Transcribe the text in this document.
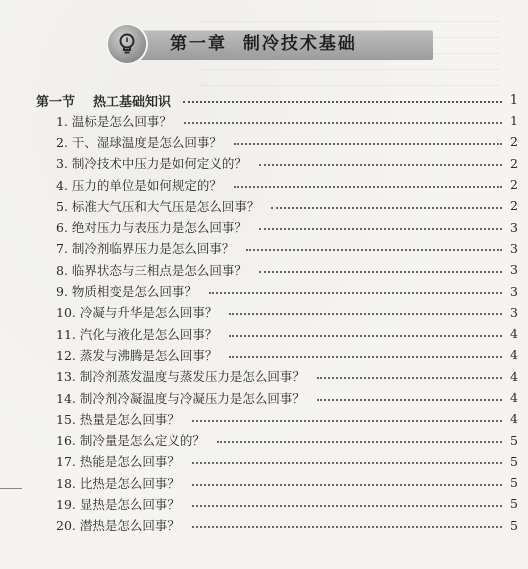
第一章  制冷技术基础
第一节 热工基础知识	1
1. 温标是怎么回事？	1
2. 干、湿球温度是怎么回事？	2
3. 制冷技术中压力是如何定义的？	2
4. 压力的单位是如何规定的？	2
5. 标准大气压和大气压是怎么回事？	2
6. 绝对压力与表压力是怎么回事？	3
7. 制冷剂临界压力是怎么回事？	3
8. 临界状态与三相点是怎么回事？	3
9. 物质相变是怎么回事？	3
10. 冷凝与升华是怎么回事？	3
11. 汽化与液化是怎么回事？	4
12. 蒸发与沸腾是怎么回事？	4
13. 制冷剂蒸发温度与蒸发压力是怎么回事？	4
14. 制冷剂冷凝温度与冷凝压力是怎么回事？	4
15. 热量是怎么回事？	4
16. 制冷量是怎么定义的？	5
17. 热能是怎么回事？	5
18. 比热是怎么回事？	5
19. 显热是怎么回事？	5
20. 潜热是怎么回事？	5
